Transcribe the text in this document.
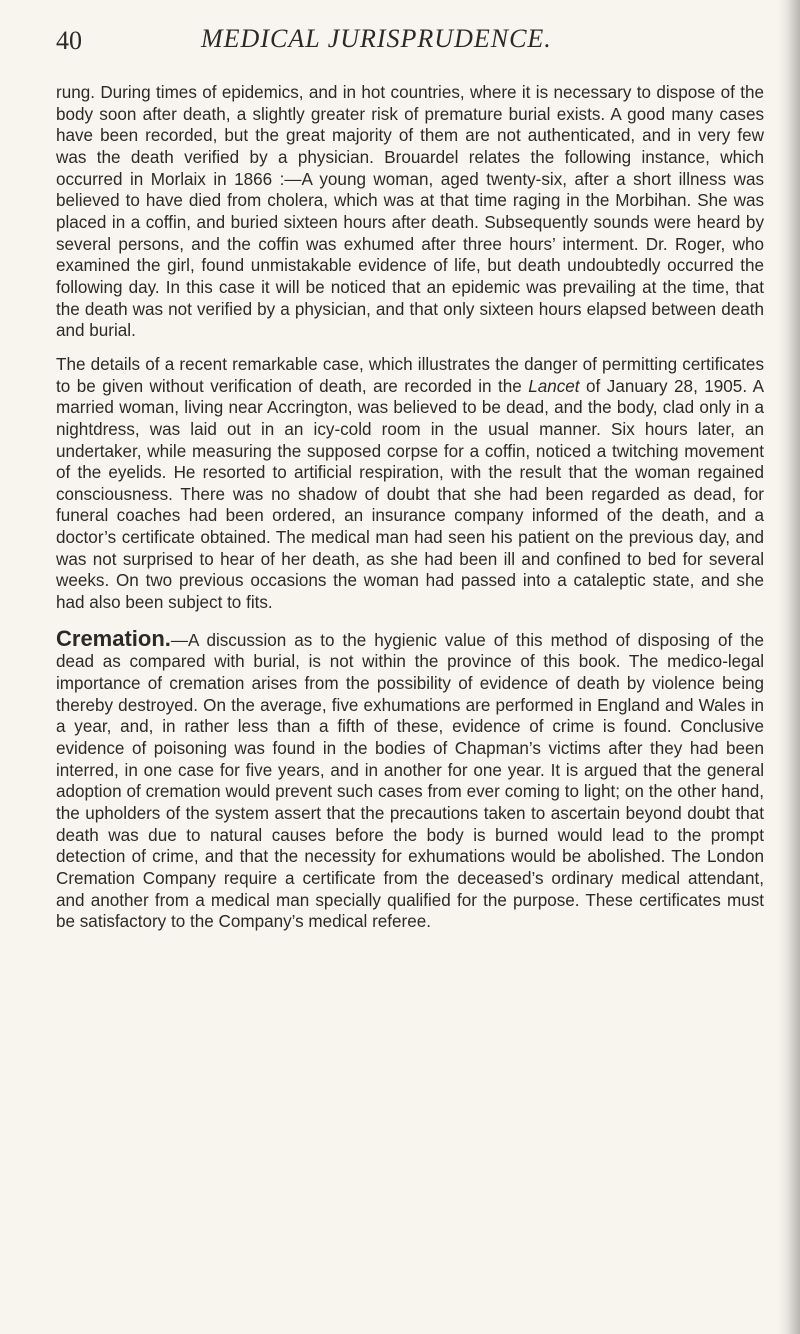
40	MEDICAL JURISPRUDENCE.

rung. During times of epidemics, and in hot countries, where it is necessary to dispose of the body soon after death, a slightly greater risk of premature burial exists. A good many cases have been recorded, but the great majority of them are not authenticated, and in very few was the death verified by a physician. Brouardel relates the following instance, which occurred in Morlaix in 1866 :—A young woman, aged twenty-six, after a short illness was believed to have died from cholera, which was at that time raging in the Morbihan. She was placed in a coffin, and buried sixteen hours after death. Subsequently sounds were heard by several persons, and the coffin was exhumed after three hours’ interment. Dr. Roger, who examined the girl, found unmistakable evidence of life, but death undoubtedly occurred the following day. In this case it will be noticed that an epidemic was prevailing at the time, that the death was not verified by a physician, and that only sixteen hours elapsed between death and burial.

The details of a recent remarkable case, which illustrates the danger of permitting certificates to be given without verification of death, are recorded in the Lancet of January 28, 1905. A married woman, living near Accrington, was believed to be dead, and the body, clad only in a nightdress, was laid out in an icy-cold room in the usual manner. Six hours later, an undertaker, while measuring the supposed corpse for a coffin, noticed a twitching movement of the eyelids. He resorted to artificial respiration, with the result that the woman regained consciousness. There was no shadow of doubt that she had been regarded as dead, for funeral coaches had been ordered, an insurance company informed of the death, and a doctor’s certificate obtained. The medical man had seen his patient on the previous day, and was not surprised to hear of her death, as she had been ill and confined to bed for several weeks. On two previous occasions the woman had passed into a cataleptic state, and she had also been subject to fits.

Cremation.—A discussion as to the hygienic value of this method of disposing of the dead as compared with burial, is not within the province of this book. The medico-legal importance of cremation arises from the possibility of evidence of death by violence being thereby destroyed. On the average, five exhumations are performed in England and Wales in a year, and, in rather less than a fifth of these, evidence of crime is found. Conclusive evidence of poisoning was found in the bodies of Chapman’s victims after they had been interred, in one case for five years, and in another for one year. It is argued that the general adoption of cremation would prevent such cases from ever coming to light; on the other hand, the upholders of the system assert that the precautions taken to ascertain beyond doubt that death was due to natural causes before the body is burned would lead to the prompt detection of crime, and that the necessity for exhumations would be abolished. The London Cremation Company require a certificate from the deceased’s ordinary medical attendant, and another from a medical man specially qualified for the purpose. These certificates must be satisfactory to the Company’s medical referee.
